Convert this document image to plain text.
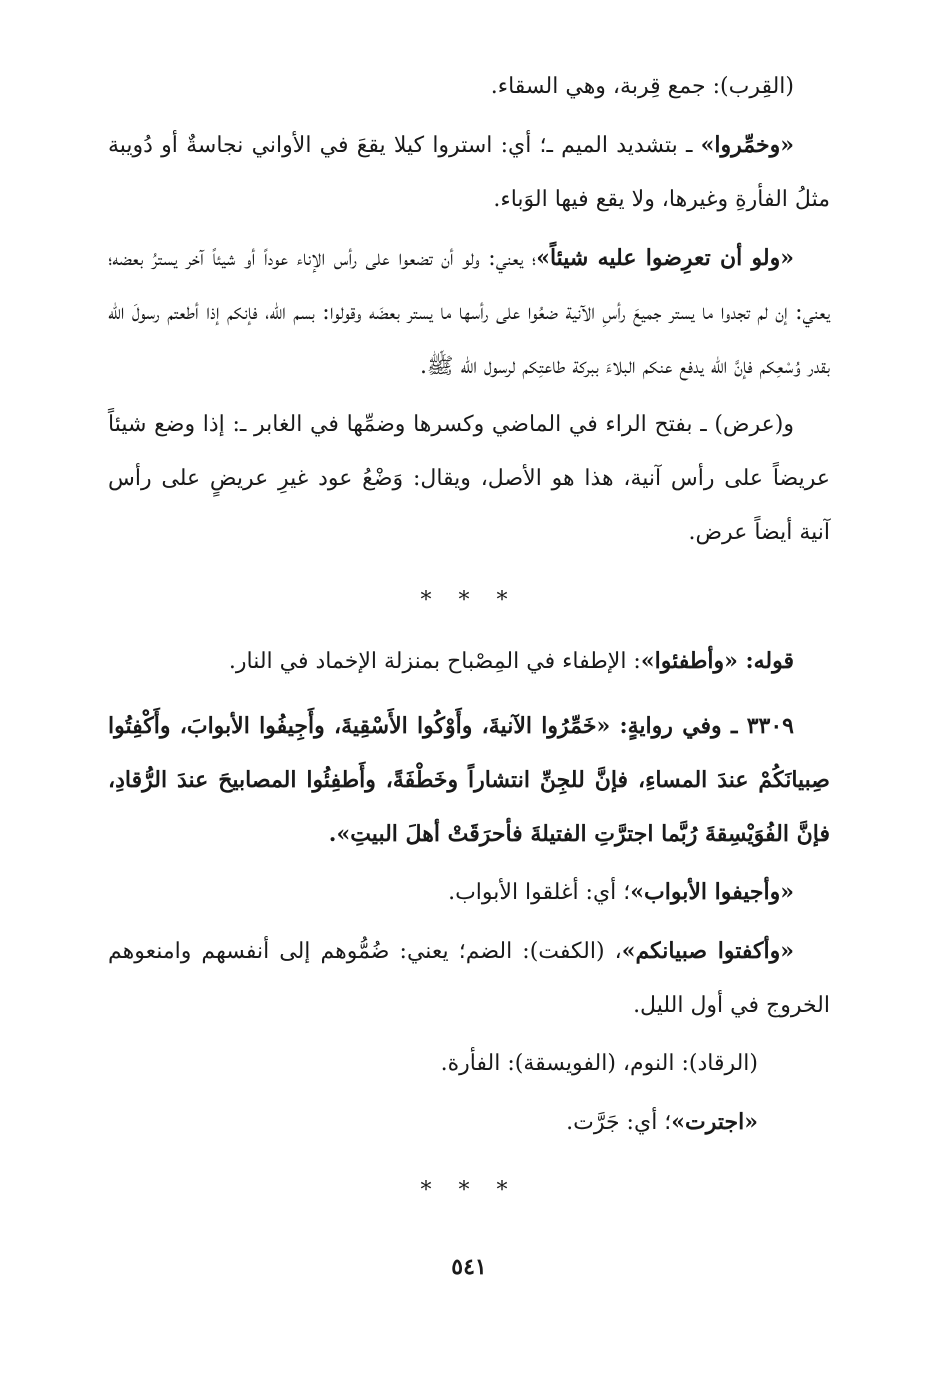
(القِرب): جمع قِربة، وهي السقاء.

«وخمِّروا» ـ بتشديد الميم ـ؛ أي: استروا كيلا يقعَ في الأواني نجاسةٌ أو دُويبة مثلُ الفأرةِ وغيرها، ولا يقع فيها الوَباء.

«ولو أن تعرِضوا عليه شيئاً»؛ يعني: ولو أن تضعوا على رأس الإناء عوداً أو شيئاً آخر يسترُ بعضه؛ يعني: إن لم تجدوا ما يستر جميعَ رأسِ الآنية ضعُوا على رأسها ما يستر بعضَه وقولوا: بسم الله، فإنكم إذا أطعتم رسولَ الله بقدر وُسْعِكم فإنَّ الله يدفع عنكم البلاءَ ببركة طاعتِكم لرسول الله ﷺ.

و(عرض) ـ بفتح الراء في الماضي وكسرها وضمِّها في الغابر ـ: إذا وضع شيئاً عريضاً على رأس آنية، هذا هو الأصل، ويقال: وَضْعُ عود غيرِ عريضٍ على رأس آنية أيضاً عرض.

* * *

قوله: «وأطفئوا»: الإطفاء في المِصْباح بمنزلة الإخماد في النار.

٣٣٠٩ ـ وفي روايةٍ: «خَمِّرُوا الآنيةَ، وأَوْكُوا الأَسْقِيةَ، وأَجِيفُوا الأبوابَ، وأَكْفِتُوا صِبيانَكُمْ عندَ المساءِ، فإنَّ للجِنِّ انتشاراً وخَطْفَةً، وأَطفِئُوا المصابيحَ عندَ الرُّقادِ، فإنَّ الفُوَيْسِقةَ رُبَّما اجترَّتِ الفتيلةَ فأحرَقَتْ أهلَ البيتِ».

«وأجيفوا الأبواب»؛ أي: أغلقوا الأبواب.

«وأكفتوا صبيانكم»، (الكفت): الضم؛ يعني: ضُمُّوهم إلى أنفسهم وامنعوهم الخروج في أول الليل.

(الرقاد): النوم، (الفويسقة): الفأرة.

«اجترت»؛ أي: جَرَّت.

* * *
٥٤١
